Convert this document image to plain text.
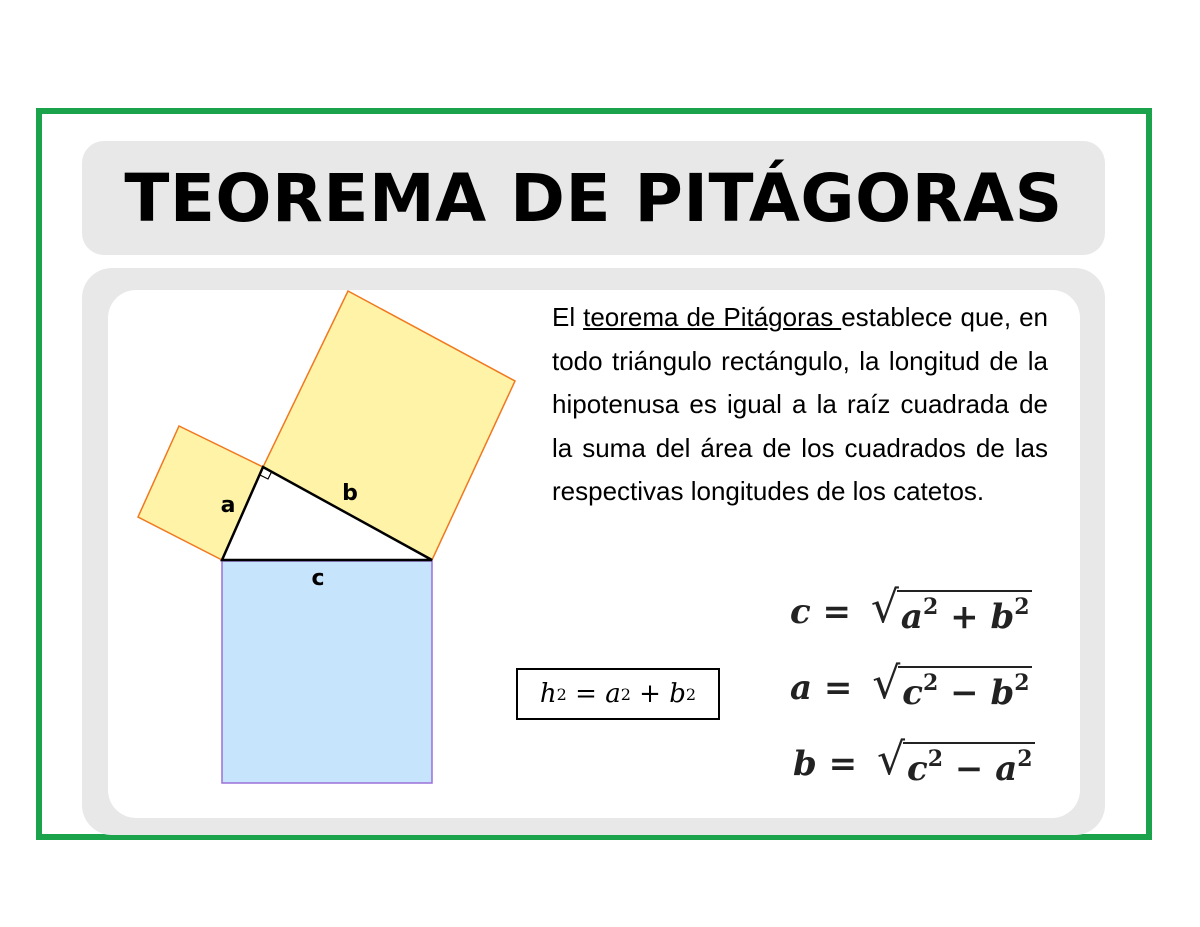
TEOREMA DE PITÁGORAS
a	b
c

El teorema de Pitágoras establece que, en todo triángulo rectángulo, la longitud de la hipotenusa es igual a la raíz cuadrada de la suma del área de los cuadrados de las respectivas longitudes de los catetos.

h 2 = a 2 + b 2
c = √ $a^2 + b^2$
a = √ $c^2 - b^2$
b = √ $c^2 - a^2$
